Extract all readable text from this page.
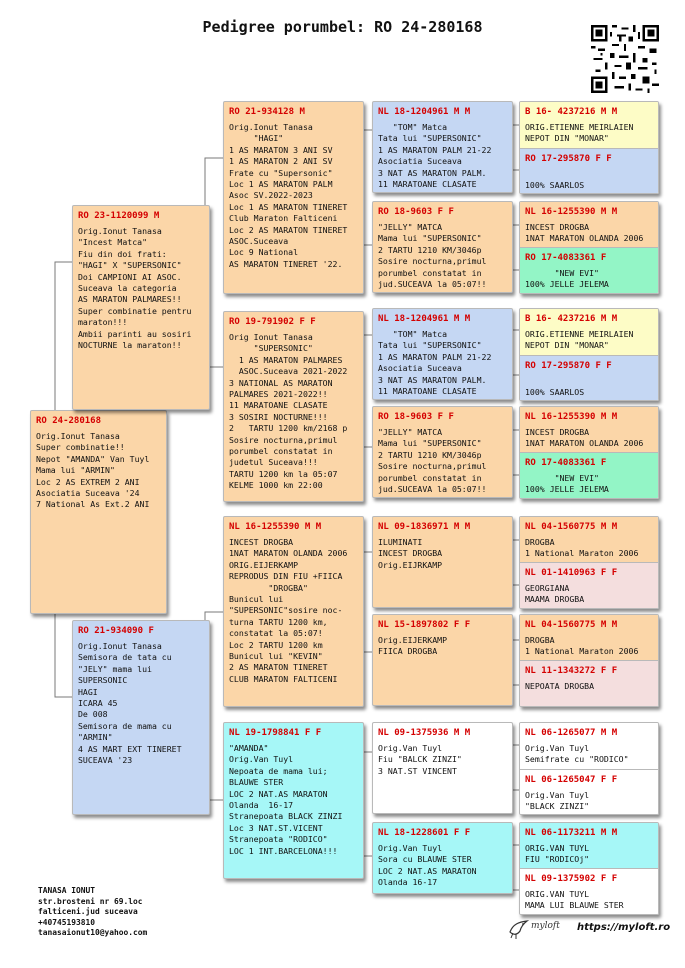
Pedigree porumbel: RO 24-280168
RO 24-280168
Orig.Ionut Tanasa
Super combinatie!!
Nepot "AMANDA" Van Tuyl
Mama lui "ARMIN"
Loc 2 AS EXTREM 2 ANI
Asociatia Suceava '24
7 National As Ext.2 ANI
RO 23-1120099 M
Orig.Ionut Tanasa
"Incest Matca"
Fiu din doi frati:
"HAGI" X "SUPERSONIC"
Doi CAMPIONI AI ASOC.
Suceava la categoria
AS MARATON PALMARES!!
Super combinatie pentru
maraton!!!
Ambii parinti au sosiri
NOCTURNE la maraton!!
RO 21-934090 F
Orig.Ionut Tanasa
Semisora de tata cu
"JELY" mama lui
SUPERSONIC
HAGI
ICARA 45
De 008
Semisora de mama cu
"ARMIN"
4 AS MART EXT TINERET
SUCEAVA '23
RO 21-934128 M
Orig.Ionut Tanasa
"HAGI"
1 AS MARATON 3 ANI SV
1 AS MARATON 2 ANI SV
Frate cu "Supersonic"
Loc 1 AS MARATON PALM
Asoc SV.2022-2023
Loc 1 AS MARATON TINERET
Club Maraton Falticeni
Loc 2 AS MARATON TINERET
ASOC.Suceava
Loc 9 National
AS MARATON TINERET '22.
RO 19-791902 F F
Orig Ionut Tanasa
"SUPERSONIC"
1 AS MARATON PALMARES
ASOC.Suceava 2021-2022
3 NATIONAL AS MARATON
PALMARES 2021-2022!!
11 MARATOANE CLASATE
3 SOSIRI NOCTURNE!!!
2   TARTU 1200 km/2168 p
Sosire nocturna,primul
porumbel constatat in
judetul Suceava!!!
TARTU 1200 km la 05:07
KELME 1000 km 22:00
NL 16-1255390 M M
INCEST DROGBA
1NAT MARATON OLANDA 2006
ORIG.EIJERKAMP
REPRODUS DIN FIU +FIICA
"DROGBA"
Bunicul lui
"SUPERSONIC"sosire noc-
turna TARTU 1200 km,
constatat la 05:07!
Loc 2 TARTU 1200 km
Bunicul lui "KEVIN"
2 AS MARATON TINERET
CLUB MARATON FALTICENI
NL 19-1798841 F F
"AMANDA"
Orig.Van Tuyl
Nepoata de mama lui;
BLAUWE STER
LOC 2 NAT.AS MARATON
Olanda  16-17
Stranepoata BLACK ZINZI
Loc 3 NAT.ST.VICENT
Stranepoata "RODICO"
LOC 1 INT.BARCELONA!!!
NL 18-1204961 M M
"TOM" Matca
Tata lui "SUPERSONIC"
1 AS MARATON PALM 21-22
Asociatia Suceava
3 NAT AS MARATON PALM.
11 MARATOANE CLASATE
RO 18-9603 F F
"JELLY" MATCA
Mama lui "SUPERSONIC"
2 TARTU 1210 KM/3046p
Sosire nocturna,primul
porumbel constatat in
jud.SUCEAVA la 05:07!!
NL 18-1204961 M M
"TOM" Matca
Tata lui "SUPERSONIC"
1 AS MARATON PALM 21-22
Asociatia Suceava
3 NAT AS MARATON PALM.
11 MARATOANE CLASATE
RO 18-9603 F F
"JELLY" MATCA
Mama lui "SUPERSONIC"
2 TARTU 1210 KM/3046p
Sosire nocturna,primul
porumbel constatat in
jud.SUCEAVA la 05:07!!
NL 09-1836971 M M
ILUMINATI
INCEST DROGBA
Orig.EIJRKAMP
NL 15-1897802 F F
Orig.EIJERKAMP
FIICA DROGBA
NL 09-1375936 M M
Orig.Van Tuyl
Fiu "BALCK ZINZI"
3 NAT.ST VINCENT
NL 18-1228601 F F
Orig.Van Tuyl
Sora cu BLAUWE STER
LOC 2 NAT.AS MARATON
Olanda 16-17
B 16- 4237216 M M
ORIG.ETIENNE MEIRLAIEN
NEPOT DIN "MONAR"
RO 17-295870 F F

100% SAARLOS
NL 16-1255390 M M
INCEST DROGBA
1NAT MARATON OLANDA 2006
RO 17-4083361 F
"NEW EVI"
100% JELLE JELEMA
B 16- 4237216 M M
ORIG.ETIENNE MEIRLAIEN
NEPOT DIN "MONAR"
RO 17-295870 F F

100% SAARLOS
NL 16-1255390 M M
INCEST DROGBA
1NAT MARATON OLANDA 2006
RO 17-4083361 F
"NEW EVI"
100% JELLE JELEMA
NL 04-1560775 M M
DROGBA
1 National Maraton 2006
NL 01-1410963 F F
GEORGIANA
MAAMA DROGBA
NL 04-1560775 M M
DROGBA
1 National Maraton 2006
NL 11-1343272 F F
NEPOATA DROGBA
NL 06-1265077 M M
Orig.Van Tuyl
Semifrate cu "RODICO"
NL 06-1265047 F F
Orig.Van Tuyl
"BLACK ZINZI"
NL 06-1173211 M M
ORIG.VAN TUYL
FIU "RODICOj"
NL 09-1375902 F F
ORIG.VAN TUYL
MAMA LUI BLAUWE STER
TANASA IONUT
str.brosteni nr 69.loc
falticeni.jud suceava
+40745193810
tanasaionut10@yahoo.com
myloft https://myloft.ro
